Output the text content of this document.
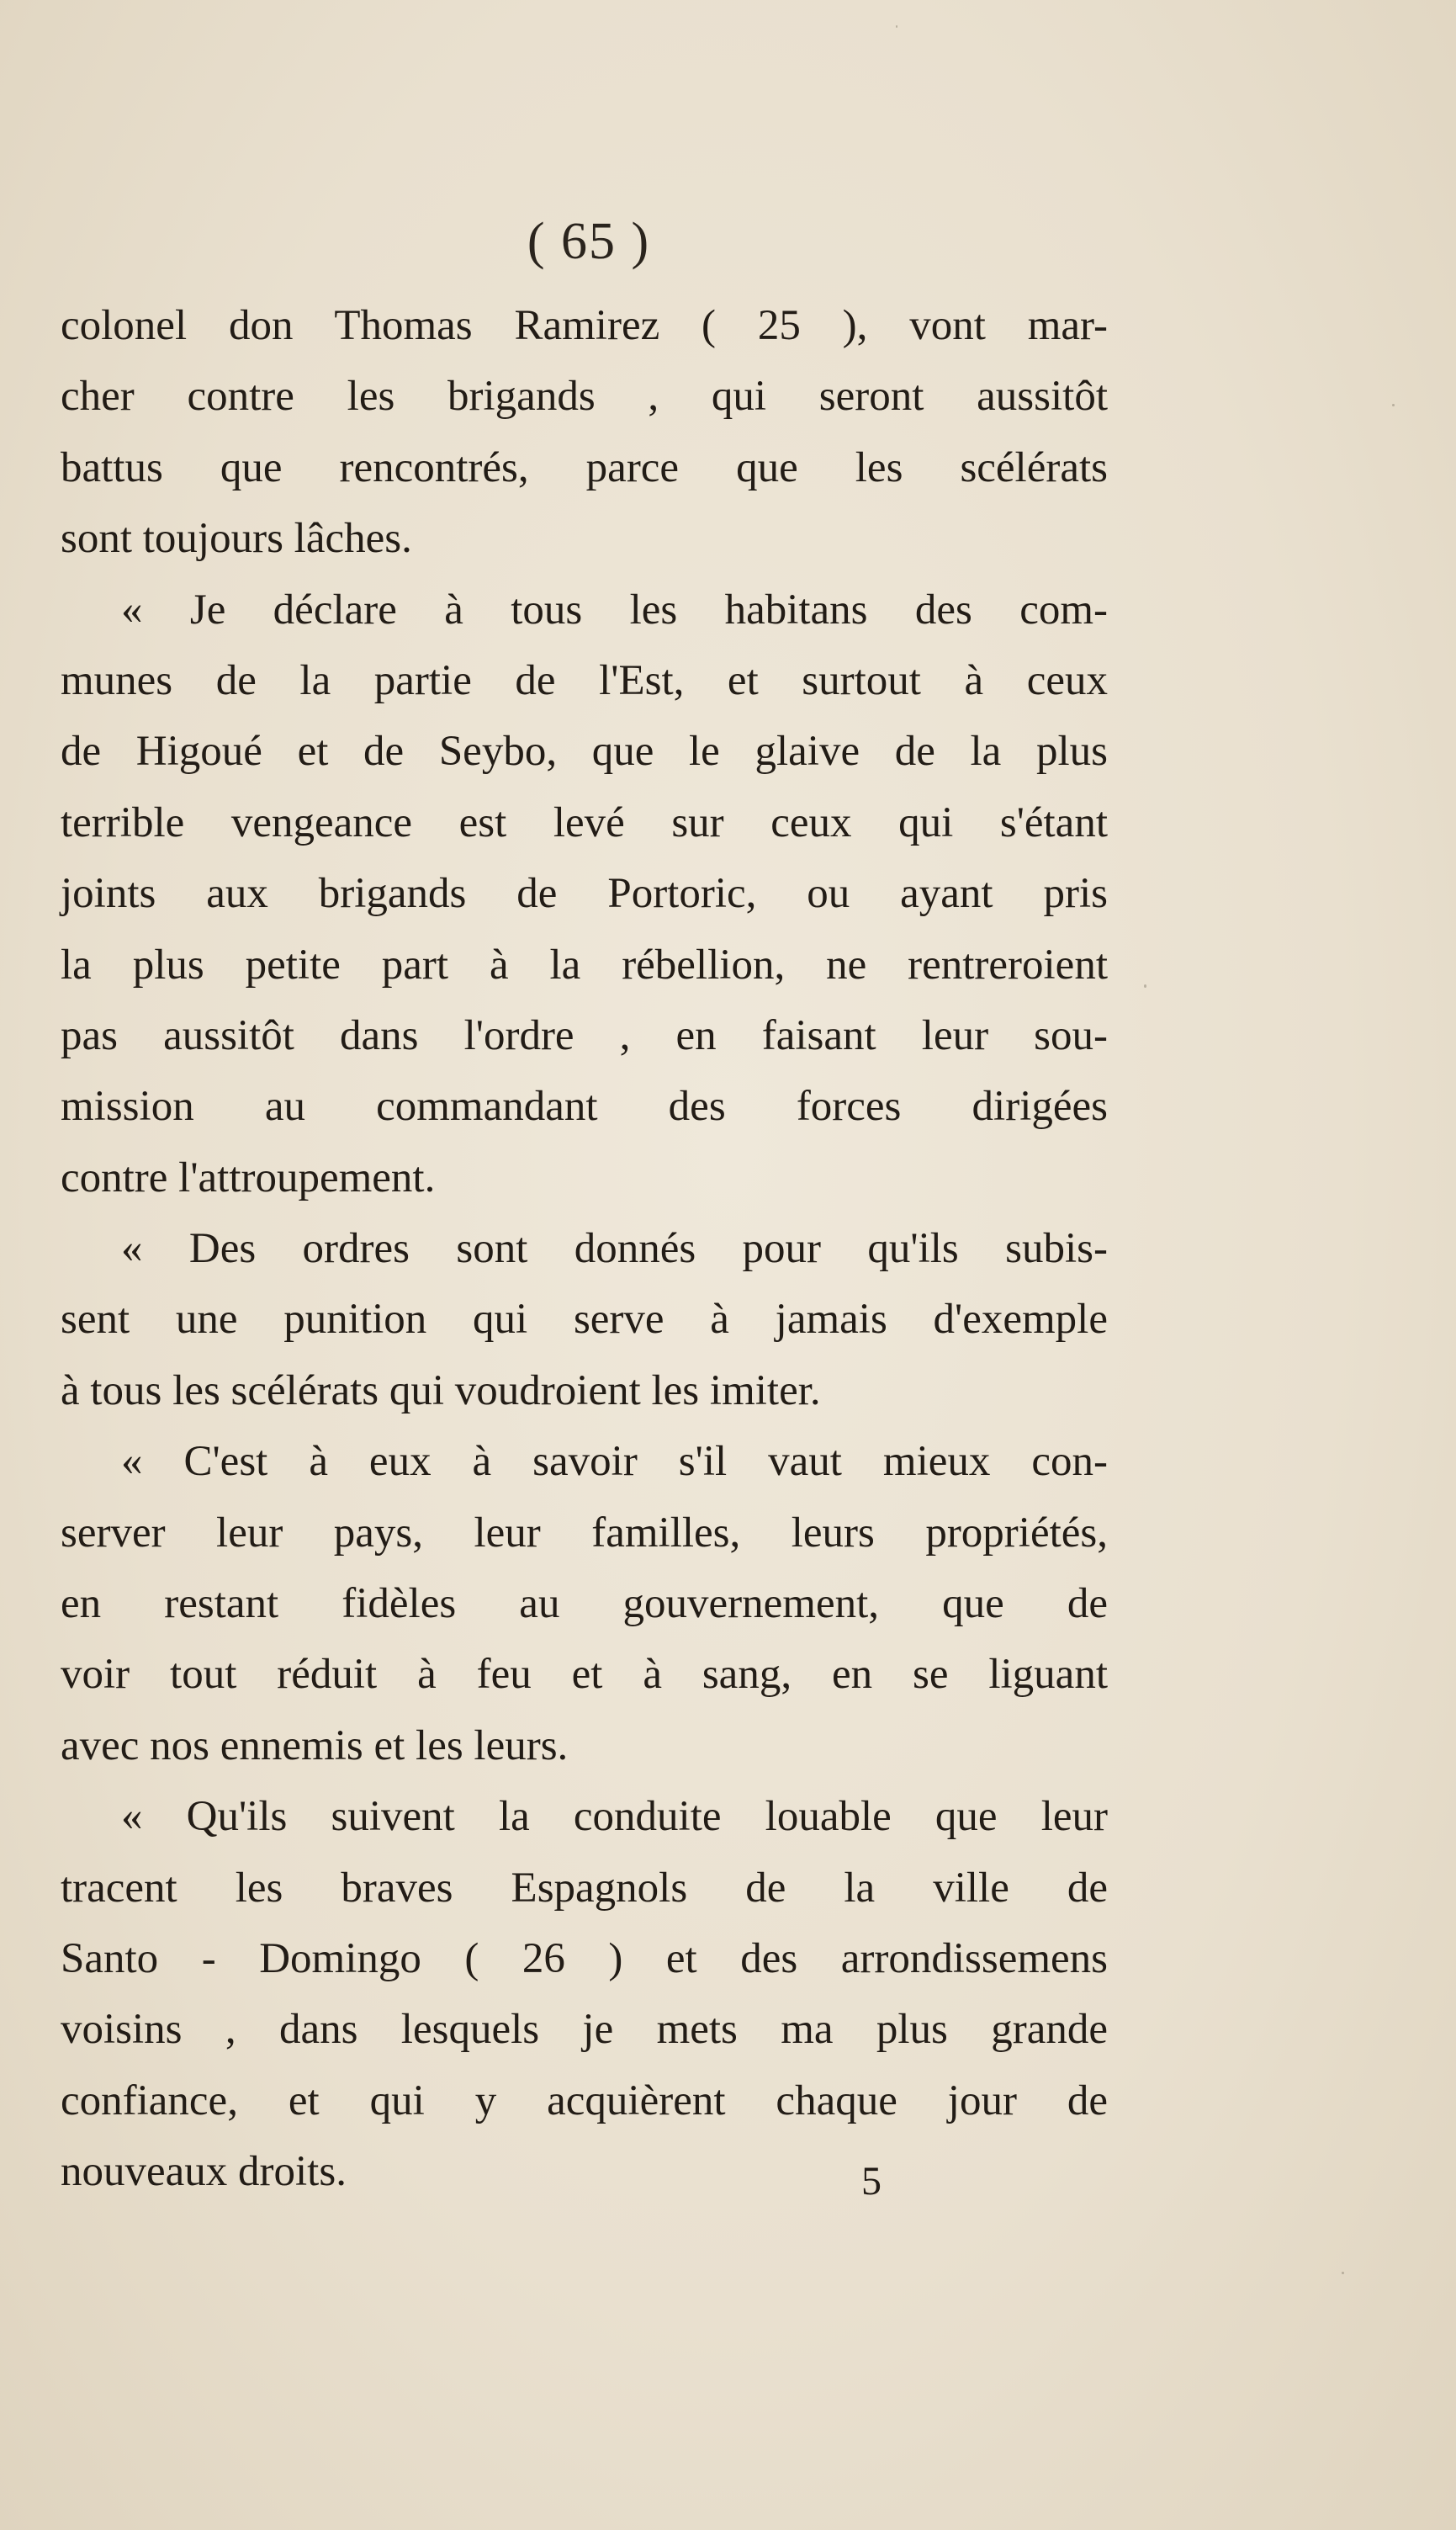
( 65 )
colonel don Thomas Ramirez ( 25 ), vont mar-
cher contre les brigands , qui seront aussitôt
battus que rencontrés, parce que les scélérats
sont toujours lâches.
« Je déclare à tous les habitans des com-
munes de la partie de l'Est, et surtout à ceux
de Higoué et de Seybo, que le glaive de la plus
terrible vengeance est levé sur ceux qui s'étant
joints aux brigands de Portoric, ou ayant pris
la plus petite part à la rébellion, ne rentreroient
pas aussitôt dans l'ordre , en faisant leur sou-
mission au commandant des forces dirigées
contre l'attroupement.
« Des ordres sont donnés pour qu'ils subis-
sent une punition qui serve à jamais d'exemple
à tous les scélérats qui voudroient les imiter.
« C'est à eux à savoir s'il vaut mieux con-
server leur pays, leur familles, leurs propriétés,
en restant fidèles au gouvernement, que de
voir tout réduit à feu et à sang, en se liguant
avec nos ennemis et les leurs.
« Qu'ils suivent la conduite louable que leur
tracent les braves Espagnols de la ville de
Santo - Domingo ( 26 ) et des arrondissemens
voisins , dans lesquels je mets ma plus grande
confiance, et qui y acquièrent chaque jour de
nouveaux droits.	5
